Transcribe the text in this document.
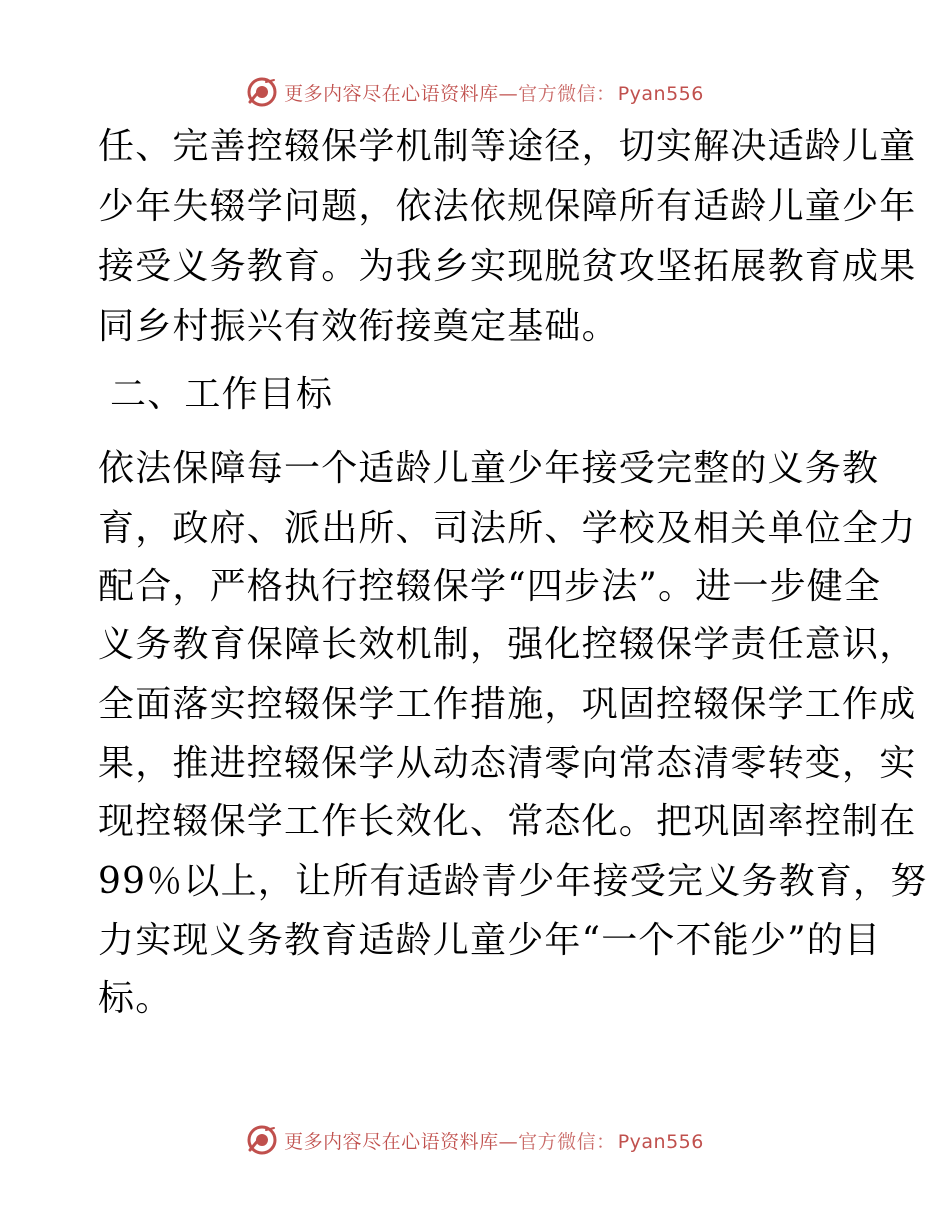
更多内容尽在心语资料库—官方微信： Pyan556
任、完善控辍保学机制等途径，切实解决适龄儿童
少年失辍学问题，依法依规保障所有适龄儿童少年
接受义务教育。为我乡实现脱贫攻坚拓展教育成果
同乡村振兴有效衔接奠定基础。
二、工作目标
依法保障每一个适龄儿童少年接受完整的义务教
育，政府、派出所、司法所、学校及相关单位全力
配合，严格执行控辍保学“四步法”。进一步健全
义务教育保障长效机制，强化控辍保学责任意识，
全面落实控辍保学工作措施，巩固控辍保学工作成
果，推进控辍保学从动态清零向常态清零转变，实
现控辍保学工作长效化、常态化。把巩固率控制在
99％以上，让所有适龄青少年接受完义务教育，努
力实现义务教育适龄儿童少年“一个不能少”的目
标。
更多内容尽在心语资料库—官方微信： Pyan556
